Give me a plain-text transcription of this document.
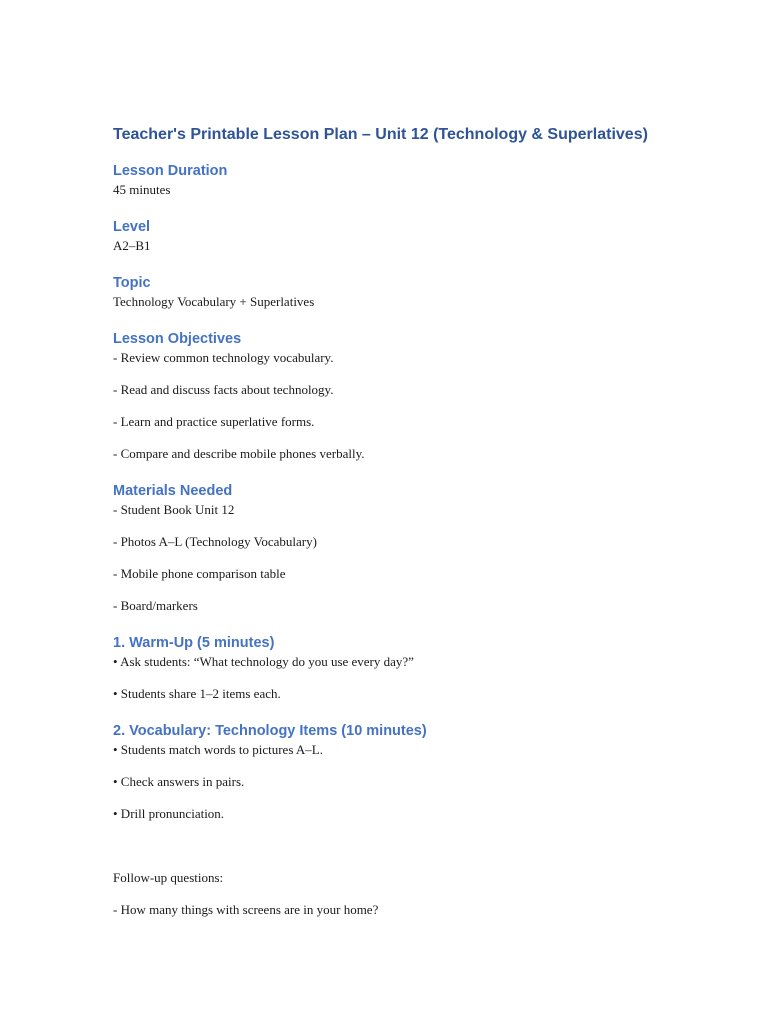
Teacher's Printable Lesson Plan – Unit 12 (Technology & Superlatives)
Lesson Duration

45 minutes

Level

A2–B1

Topic

Technology Vocabulary + Superlatives

Lesson Objectives

- Review common technology vocabulary.

- Read and discuss facts about technology.

- Learn and practice superlative forms.

- Compare and describe mobile phones verbally.

Materials Needed

- Student Book Unit 12

- Photos A–L (Technology Vocabulary)

- Mobile phone comparison table

- Board/markers

1. Warm-Up (5 minutes)

• Ask students: “What technology do you use every day?”

• Students share 1–2 items each.

2. Vocabulary: Technology Items (10 minutes)

• Students match words to pictures A–L.

• Check answers in pairs.

• Drill pronunciation.

Follow-up questions:

- How many things with screens are in your home?
